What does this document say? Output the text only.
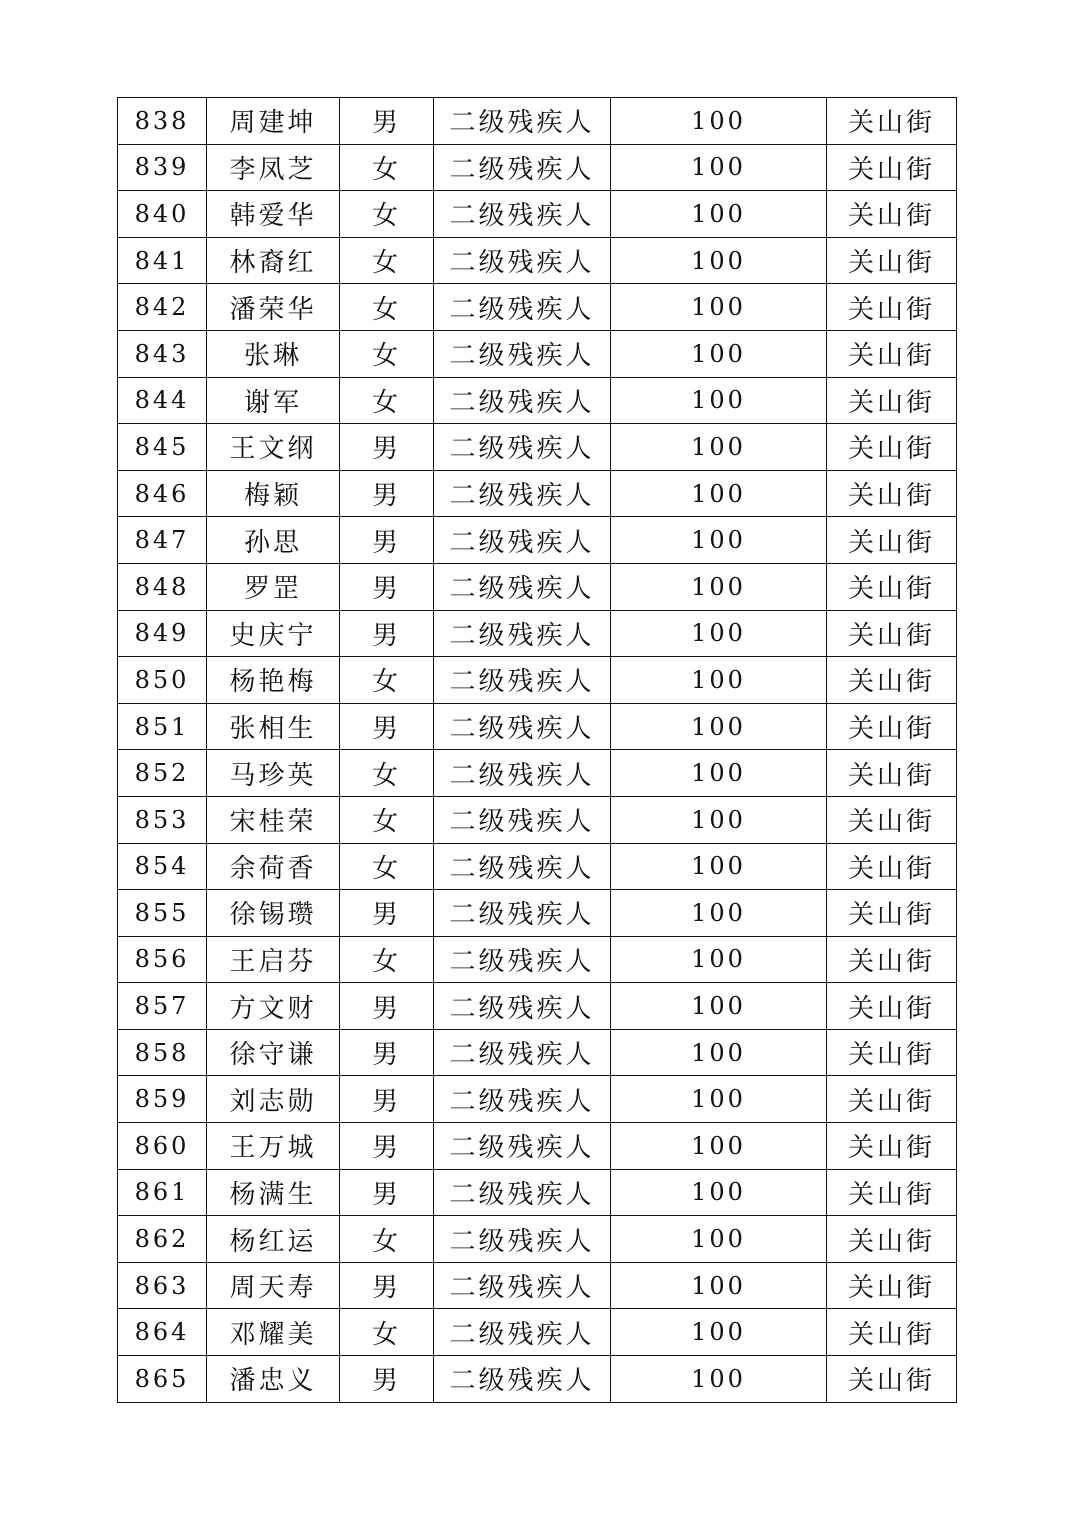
838	周建坤	男	二级残疾人	100	关山街
839	李凤芝	女	二级残疾人	100	关山街
840	韩爱华	女	二级残疾人	100	关山街
841	林裔红	女	二级残疾人	100	关山街
842	潘荣华	女	二级残疾人	100	关山街
843	张琳	女	二级残疾人	100	关山街
844	谢军	女	二级残疾人	100	关山街
845	王文纲	男	二级残疾人	100	关山街
846	梅颖	男	二级残疾人	100	关山街
847	孙思	男	二级残疾人	100	关山街
848	罗罡	男	二级残疾人	100	关山街
849	史庆宁	男	二级残疾人	100	关山街
850	杨艳梅	女	二级残疾人	100	关山街
851	张相生	男	二级残疾人	100	关山街
852	马珍英	女	二级残疾人	100	关山街
853	宋桂荣	女	二级残疾人	100	关山街
854	余荷香	女	二级残疾人	100	关山街
855	徐锡瓒	男	二级残疾人	100	关山街
856	王启芬	女	二级残疾人	100	关山街
857	方文财	男	二级残疾人	100	关山街
858	徐守谦	男	二级残疾人	100	关山街
859	刘志勋	男	二级残疾人	100	关山街
860	王万城	男	二级残疾人	100	关山街
861	杨满生	男	二级残疾人	100	关山街
862	杨红运	女	二级残疾人	100	关山街
863	周天寿	男	二级残疾人	100	关山街
864	邓耀美	女	二级残疾人	100	关山街
865	潘忠义	男	二级残疾人	100	关山街
